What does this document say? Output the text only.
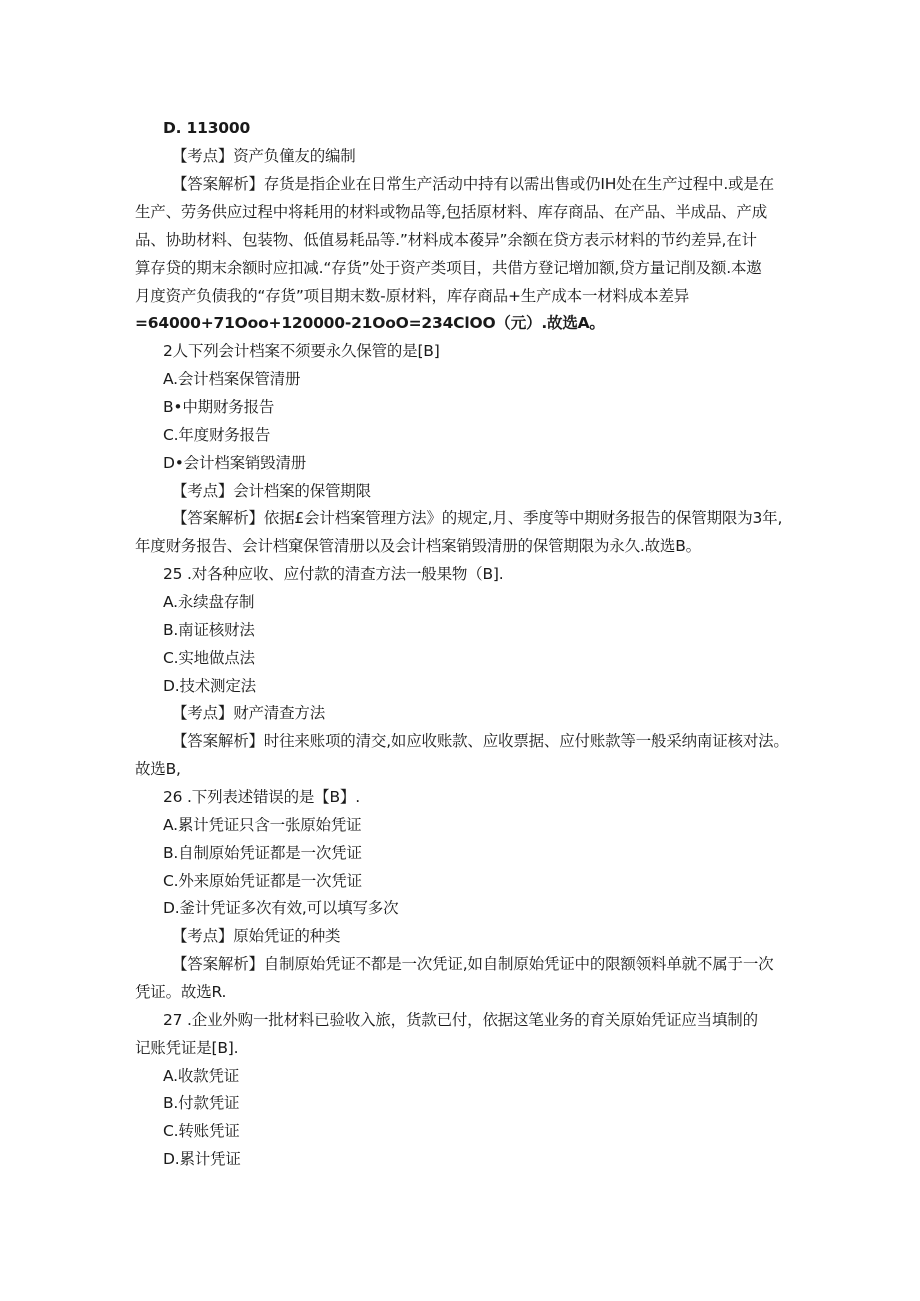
D. 113000
【考点】资产负僮友的编制
【答案解析】存货是指企业在日常生产活动中持有以需出售或仍IH处在生产过程中.或是在
生产、劳务供应过程中将耗用的材料或物品等,包括原材料、库存商品、在产品、半成品、产成
品、协助材料、包装物、低值易耗品等.”材料成本葰异”余额在贷方表示材料的节约差异,在计
算存贷的期末余额时应扣减.“存货”处于资产类项目，共借方登记增加额,贷方量记削及额.本遨
月度资产负债我的“存货”项目期末数-原材料，库存商品+生产成本一材料成本差异
=64000+71Ooo+120000-21OoO=234ClOO（元）.故选A。
2人下列会计档案不须要永久保管的是[B]
A.会计档案保管清册
B•中期财务报告
C.年度财务报告
D•会计档案销毁清册
【考点】会计档案的保管期限
【答案解析】依据£会计档案管理方法》的规定,月、季度等中期财务报告的保管期限为3年,
年度财务报告、会计档窠保管清册以及会计档案销毁清册的保管期限为永久.故选B。
25 .对各种应收、应付款的清查方法一般果物（B].
A.永续盘存制
B.南证核财法
C.实地做点法
D.技术测定法
【考点】财产清查方法
【答案解析】时往来账项的清交,如应收账款、应收票据、应付账款等一般采纳南证核对法。
故选B,
26 .下列表述错误的是【B】.
A.累计凭证只含一张原始凭证
B.自制原始凭证都是一次凭证
C.外来原始凭证都是一次凭证
D.釜计凭证多次有效,可以填写多次
【考点】原始凭证的种类
【答案解析】自制原始凭证不都是一次凭证,如自制原始凭证中的限额领料单就不属于一次
凭证。故选R.
27 .企业外购一批材料已验收入旅，货款已付，依据这笔业务的育关原始凭证应当填制的
记账凭证是[B].
A.收款凭证
B.付款凭证
C.转账凭证
D.累计凭证
